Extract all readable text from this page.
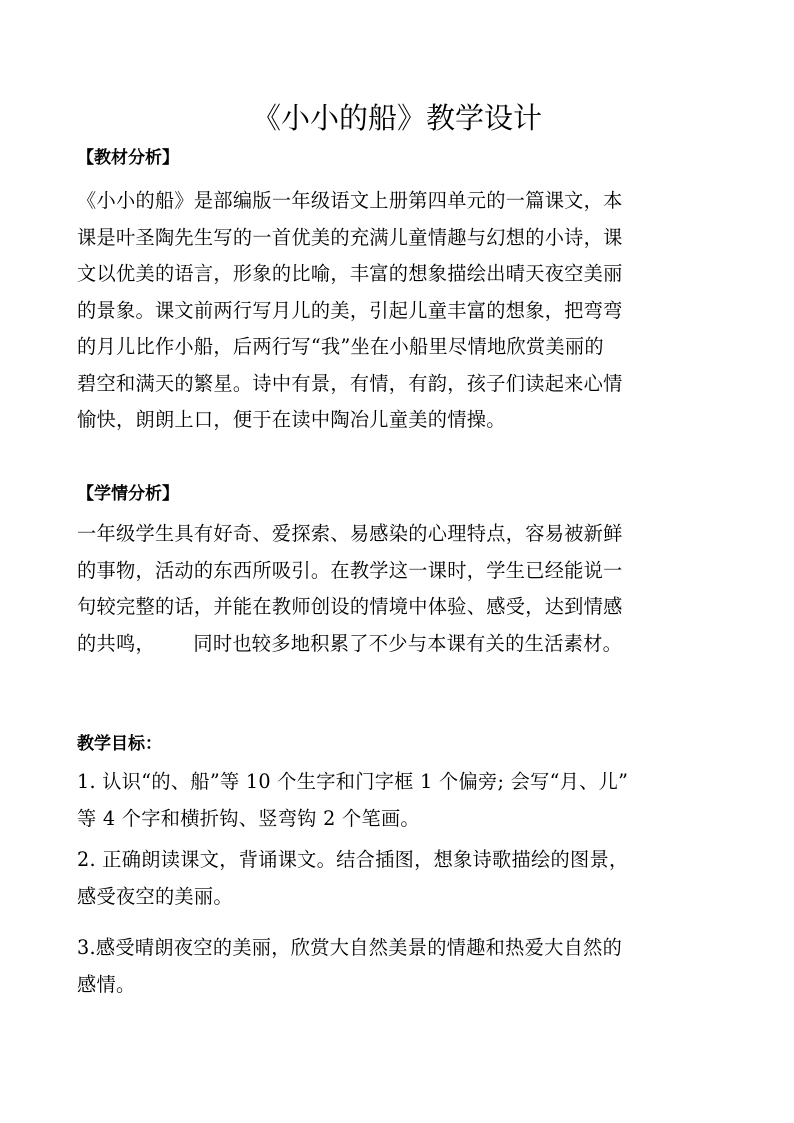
《小小的船》教学设计
【教材分析】
《小小的船》是部编版一年级语文上册第四单元的一篇课文，本
课是叶圣陶先生写的一首优美的充满儿童情趣与幻想的小诗，课
文以优美的语言，形象的比喻，丰富的想象描绘出晴天夜空美丽
的景象。课文前两行写月儿的美，引起儿童丰富的想象，把弯弯
的月儿比作小船，后两行写“我”坐在小船里尽情地欣赏美丽的
碧空和满天的繁星。诗中有景，有情，有韵，孩子们读起来心情
愉快，朗朗上口，便于在读中陶冶儿童美的情操。
【学情分析】
一年级学生具有好奇、爱探索、易感染的心理特点，容易被新鲜
的事物，活动的东西所吸引。在教学这一课时，学生已经能说一
句较完整的话，并能在教师创设的情境中体验、感受，达到情感
的共鸣，      同时也较多地积累了不少与本课有关的生活素材。
教学目标：
1. 认识“的、船”等 10 个生字和门字框 1 个偏旁; 会写“月、儿”
等 4 个字和横折钩、竖弯钩 2 个笔画。
2. 正确朗读课文，背诵课文。结合插图，想象诗歌描绘的图景，
感受夜空的美丽。
3.感受晴朗夜空的美丽，欣赏大自然美景的情趣和热爱大自然的
感情。
